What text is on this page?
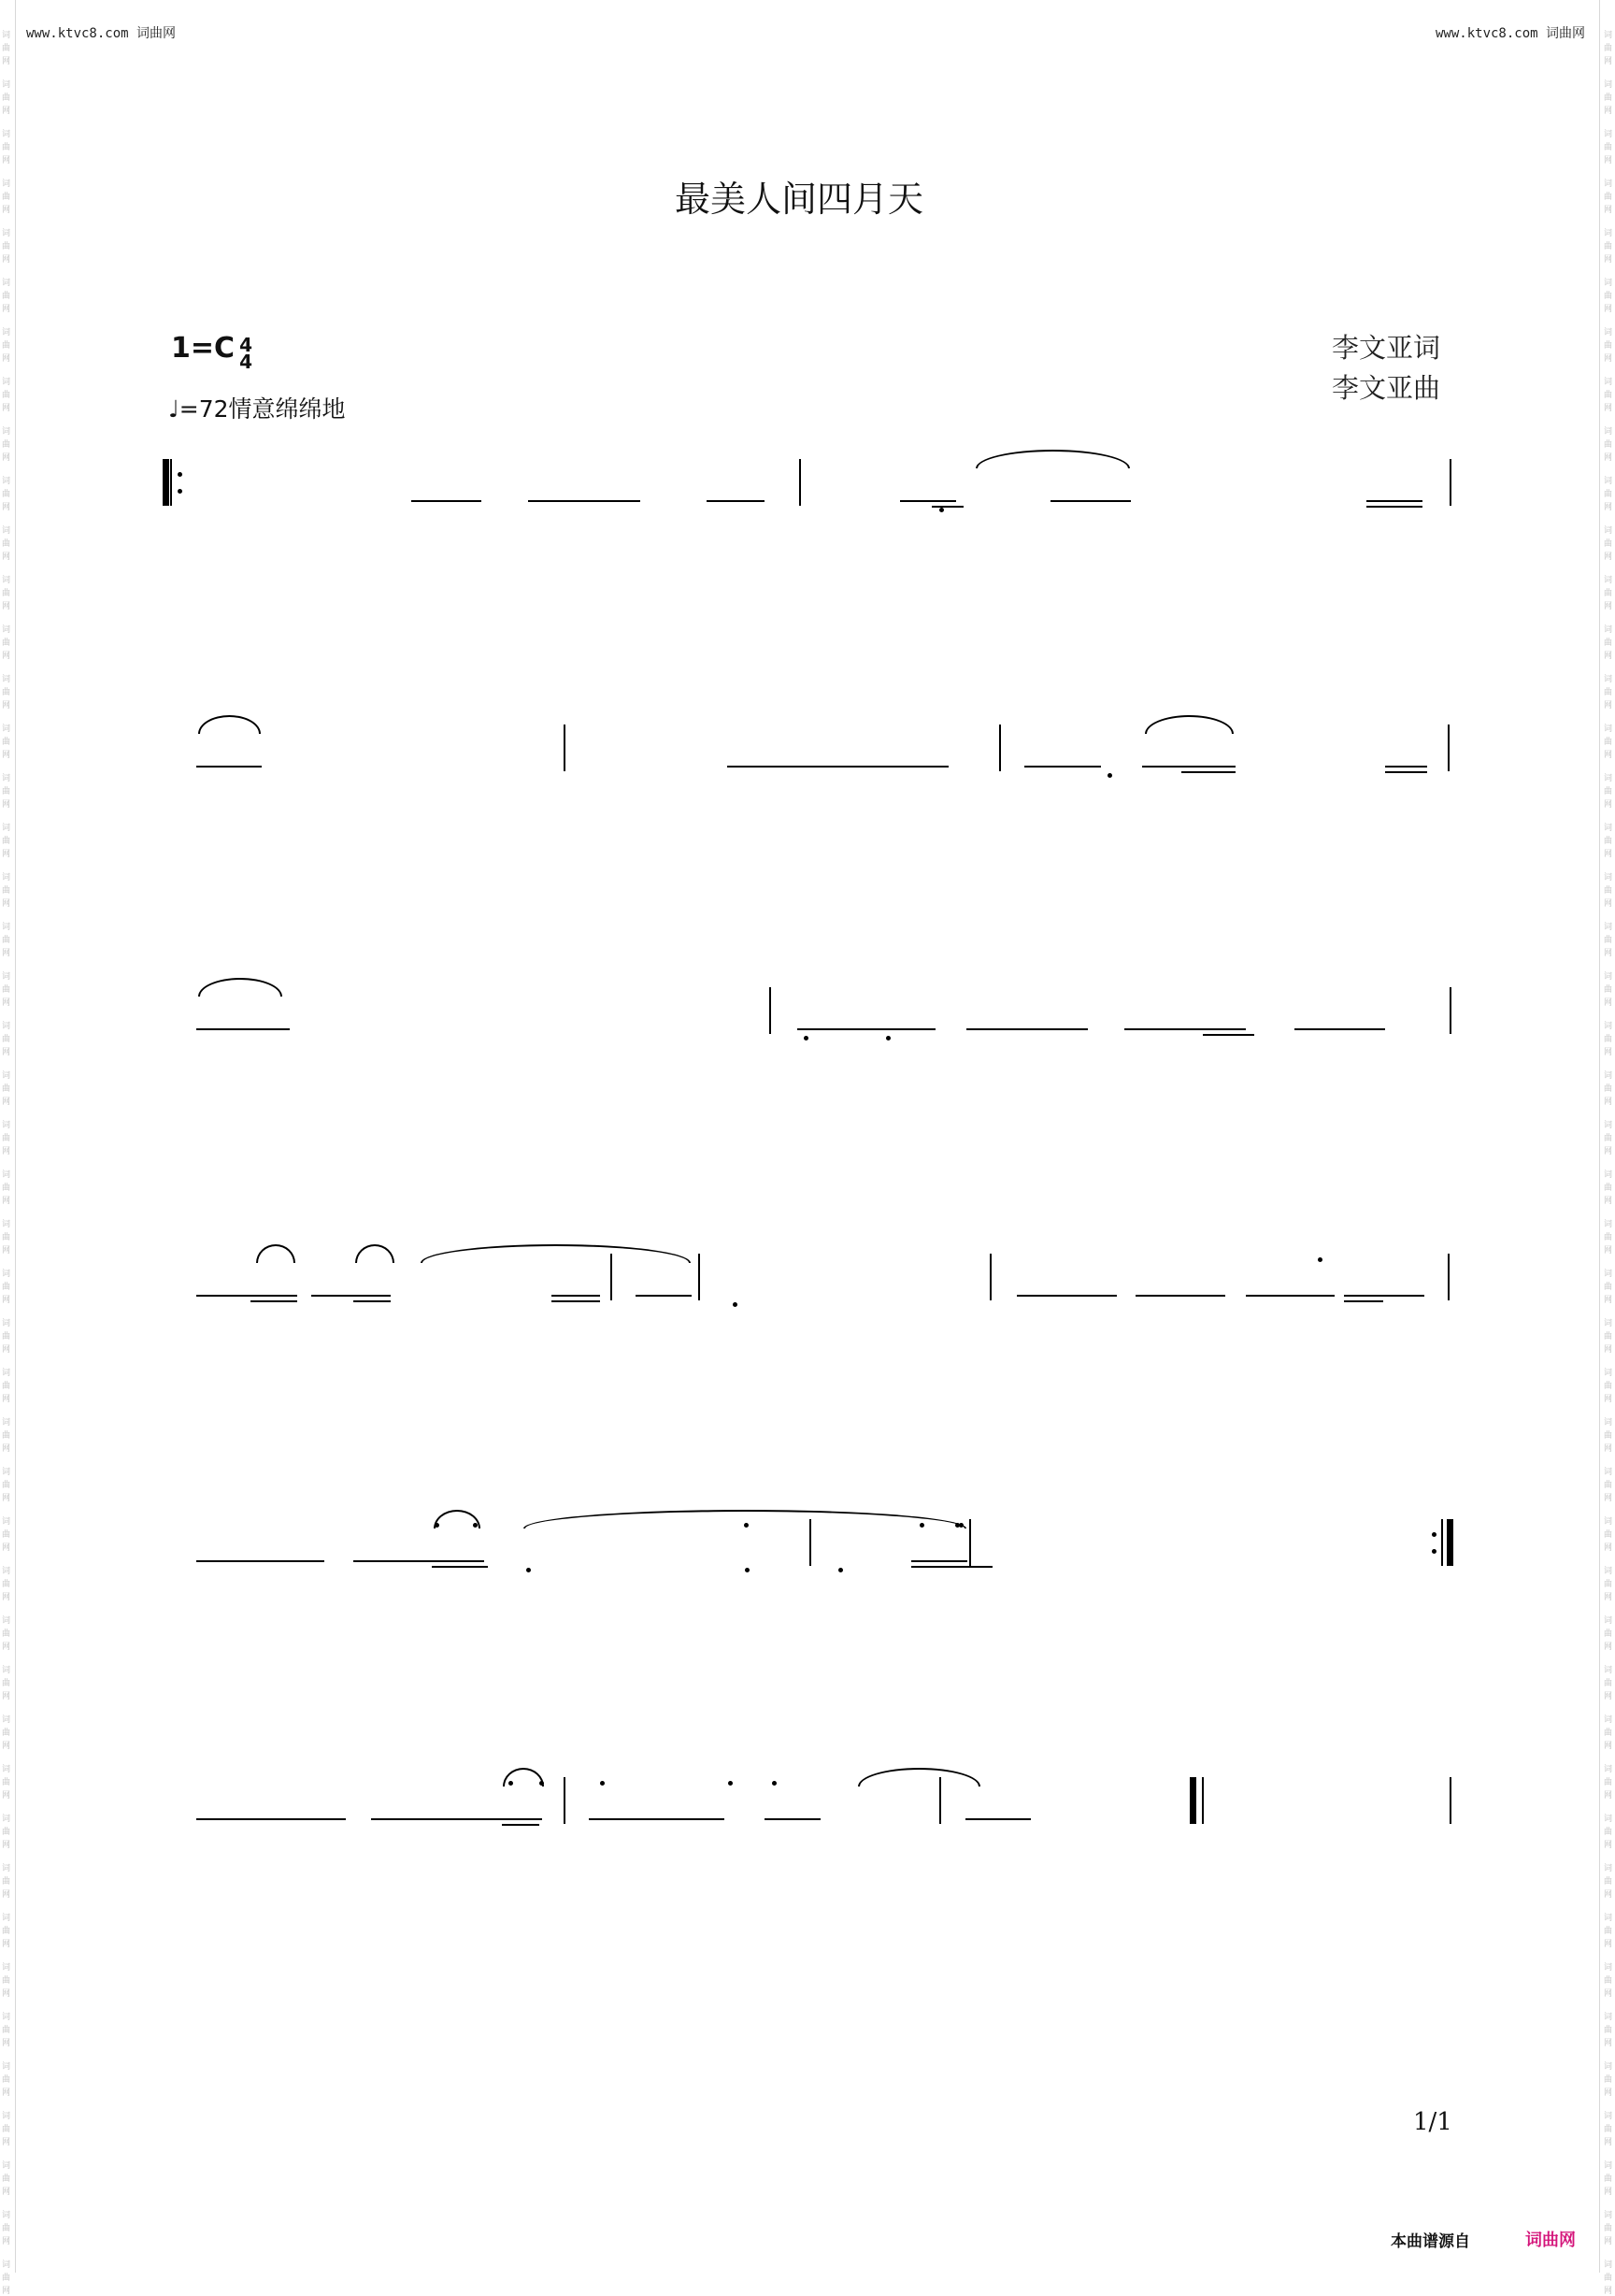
词
曲
网
词
曲
网
词
曲
网
词
曲
网
词
曲
网
词
曲
网
词
曲
网
词
曲
网
词
曲
网
词
曲
网
词
曲
网
词
曲
网
词
曲
网
词
曲
网
词
曲
网
词
曲
网
词
曲
网
词
曲
网
词
曲
网
词
曲
网
词
曲
网
词
曲
网
词
曲
网
词
曲
网
词
曲
网
词
曲
网
词
曲
网
词
曲
网
词
曲
网
词
曲
网
词
曲
网
词
曲
网
词
曲
网
词
曲
网
词
曲
网
词
曲
网
词
曲
网
词
曲
网
词
曲
网
词
曲
网
词
曲
网
词
曲
网
词
曲
网
词
曲
网
词
曲
网
词
曲
网
词
曲
网
词
曲
网
词
曲
网
词
曲
网
词
曲
网
词
曲
网
词
曲
网
词
曲
网
词
曲
网
词
曲
网
词
曲
网
词
曲
网
词
曲
网
词
曲
网
词
曲
网
词
曲
网
词
曲
网
词
曲
网
词
曲
网
词
曲
网
词
曲
网
词
曲
网
词
曲
网
词
曲
网
词
曲
网
词
曲
网
词
曲
网
词
曲
网
词
曲
网
词
曲
网
词
曲
网
词
曲
网
词
曲
网
词
曲
网
词
曲
网
词
曲
网
词
曲
网
词
曲
网
词
曲
网
词
曲
网
词
曲
网
词
曲
网
词
曲
网
词
曲
网
词
曲
网
词
曲
网
www.ktvc8.com 词曲网	www.ktvc8.com 词曲网
最美人间四月天
李文亚词
李文亚曲
1=C 4
4
♩=72情意绵绵地
1/1
本曲谱源自	词曲网
